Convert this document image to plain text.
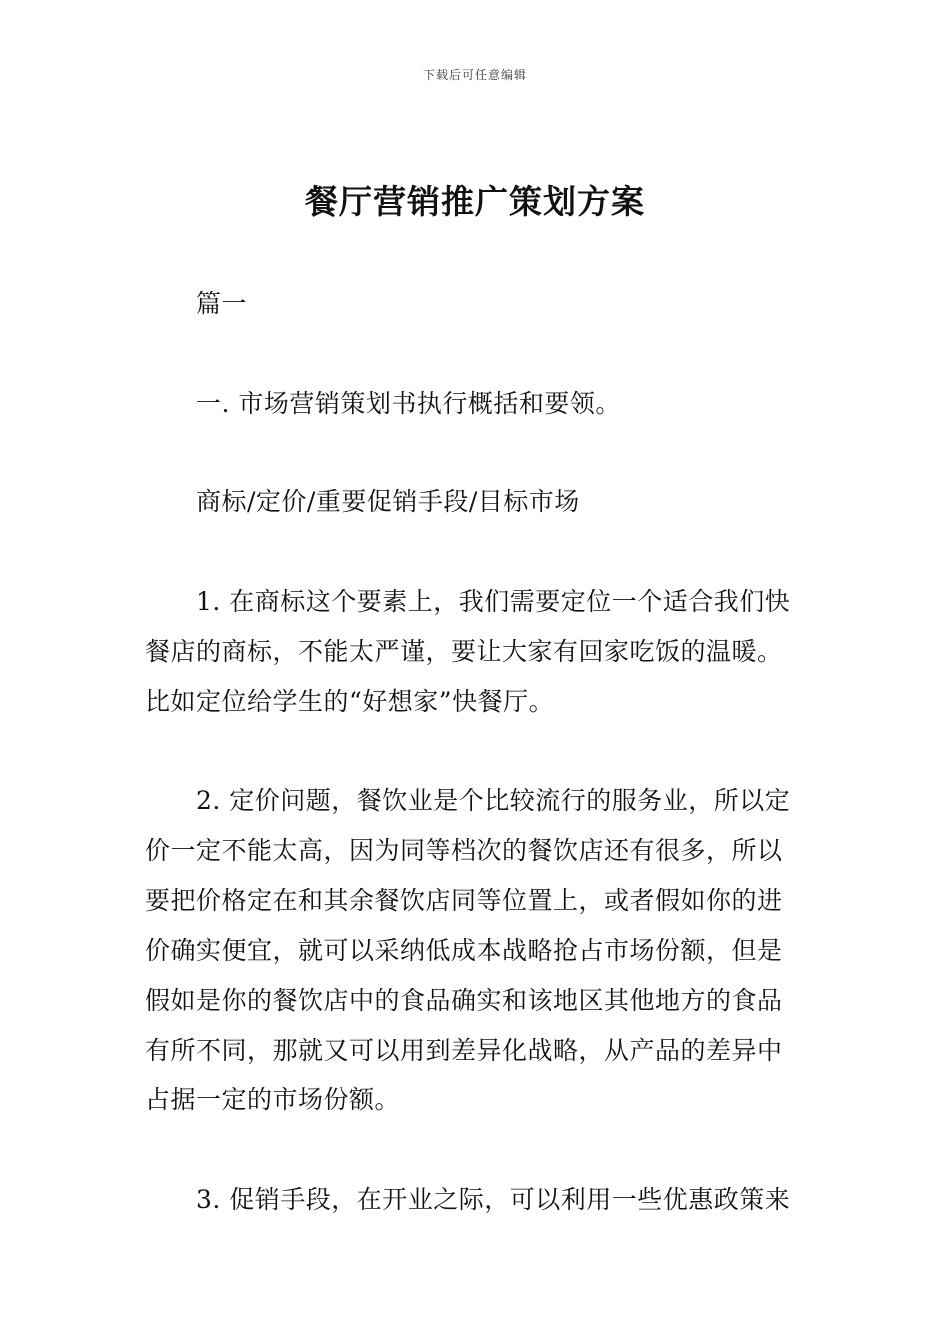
下载后可任意编辑
餐厅营销推广策划方案
篇一
一. 市场营销策划书执行概括和要领。
商标/定价/重要促销手段/目标市场
1. 在商标这个要素上，我们需要定位一个适合我们快
餐店的商标，不能太严谨，要让大家有回家吃饭的温暖。
比如定位给学生的“好想家”快餐厅。
2. 定价问题，餐饮业是个比较流行的服务业，所以定
价一定不能太高，因为同等档次的餐饮店还有很多，所以
要把价格定在和其余餐饮店同等位置上，或者假如你的进
价确实便宜，就可以采纳低成本战略抢占市场份额，但是
假如是你的餐饮店中的食品确实和该地区其他地方的食品
有所不同，那就又可以用到差异化战略，从产品的差异中
占据一定的市场份额。
3. 促销手段，在开业之际，可以利用一些优惠政策来
